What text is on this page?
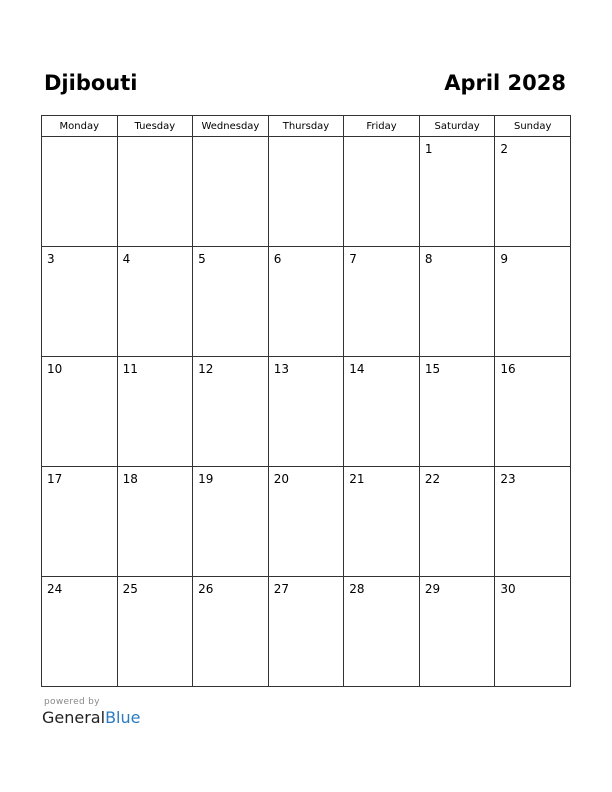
Djibouti	April 2028
Monday	Tuesday	Wednesday	Thursday	Friday	Saturday	Sunday

					1	2

3	4	5	6	7	8	9

10	11	12	13	14	15	16

17	18	19	20	21	22	23

24	25	26	27	28	29	30
powered by
GeneralBlue
